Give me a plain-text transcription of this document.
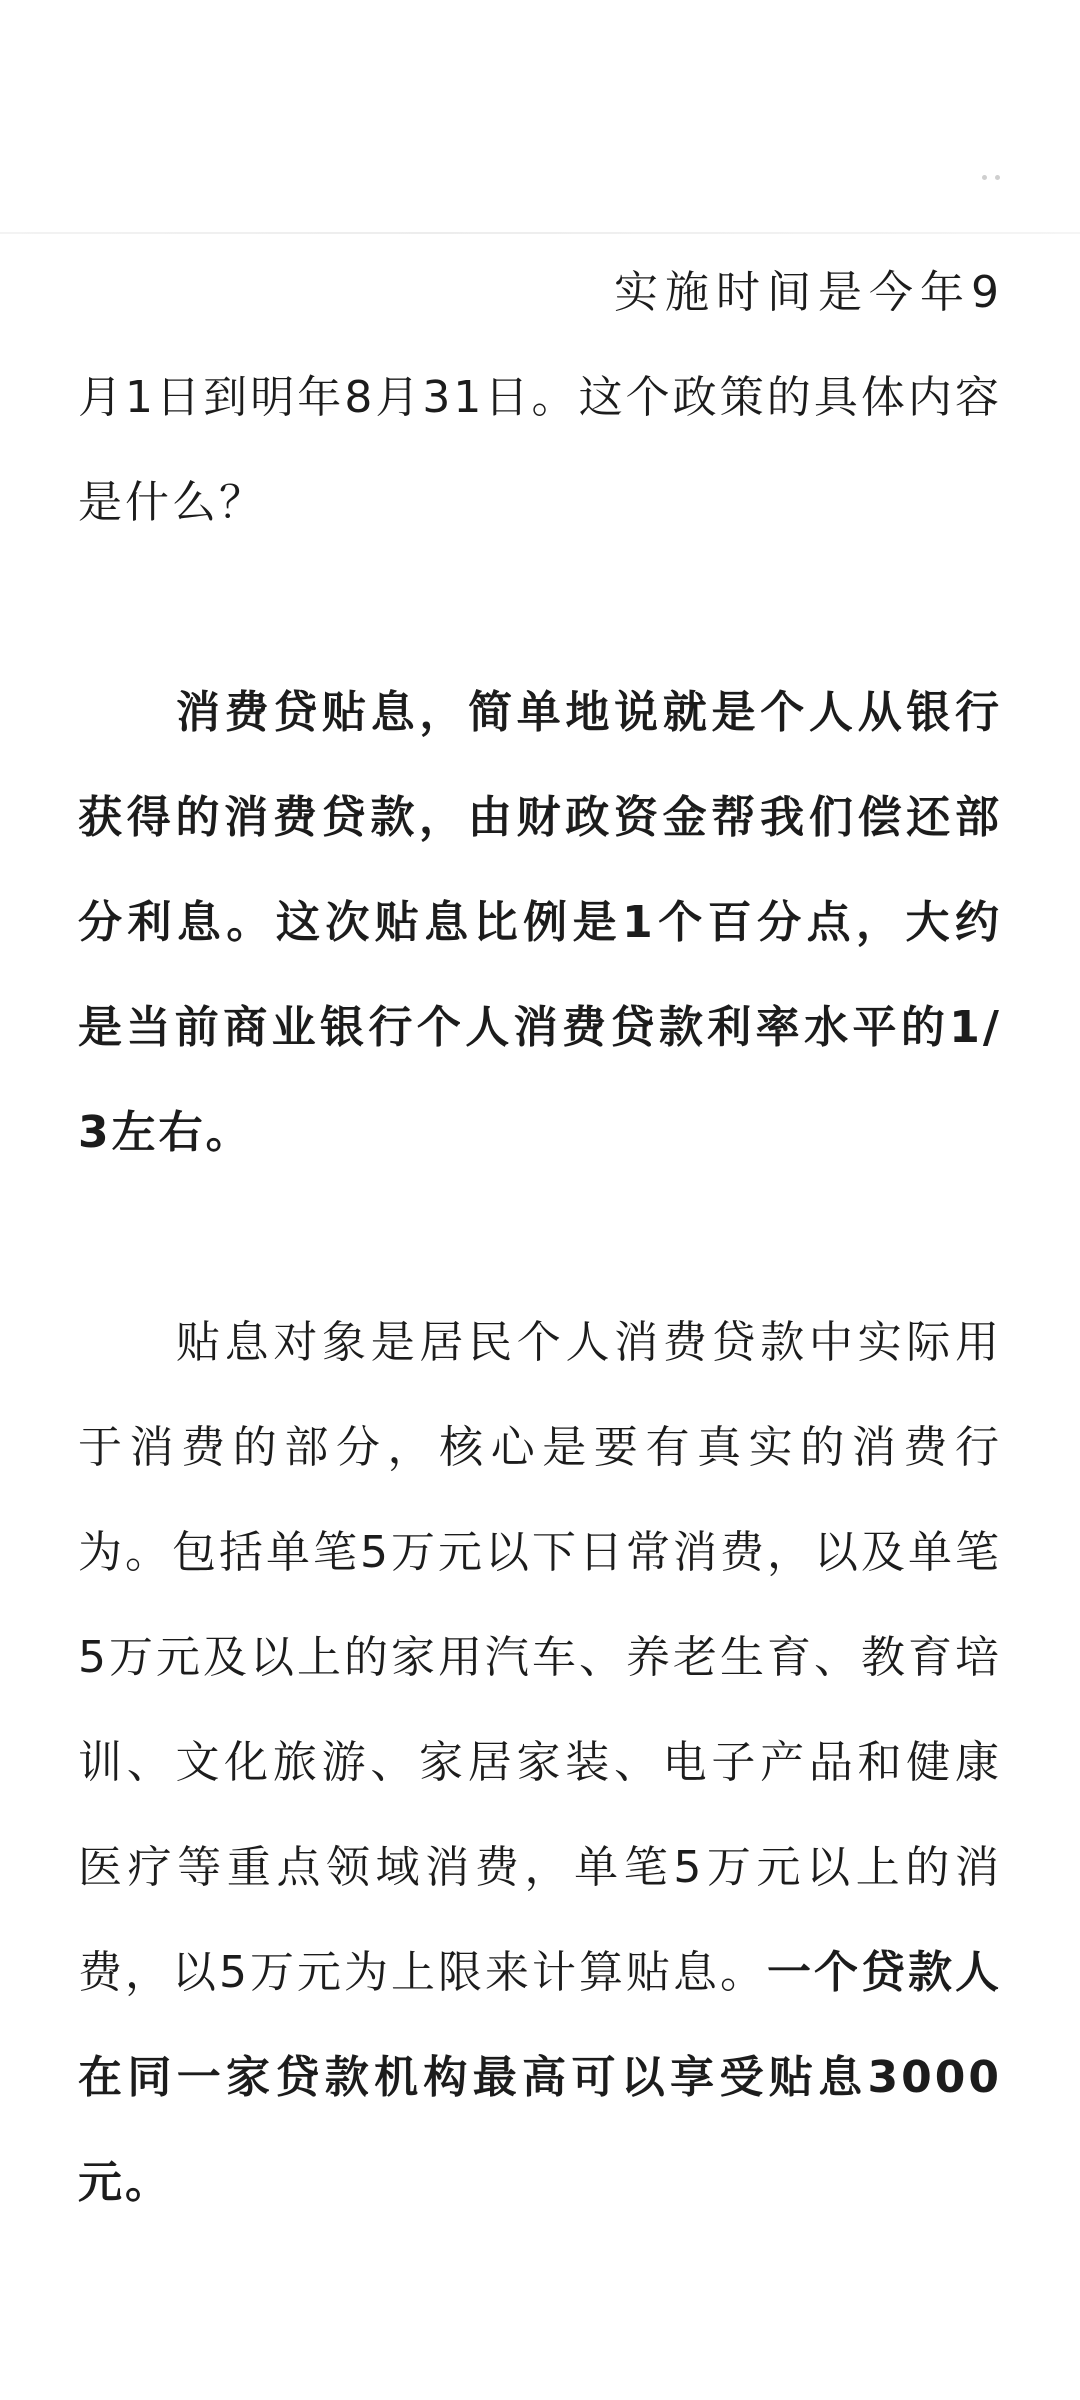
实施时间是今年9月1日到明年8月31日。这个政策的具体内容是什么？

消费贷贴息，简单地说就是个人从银行获得的消费贷款，由财政资金帮我们偿还部分利息。这次贴息比例是1个百分点，大约是当前商业银行个人消费贷款利率水平的1/3左右。

贴息对象是居民个人消费贷款中实际用于消费的部分，核心是要有真实的消费行为。包括单笔5万元以下日常消费，以及单笔5万元及以上的家用汽车、养老生育、教育培训、文化旅游、家居家装、电子产品和健康医疗等重点领域消费，单笔5万元以上的消费，以5万元为上限来计算贴息。一个贷款人在同一家贷款机构最高可以享受贴息3000元。
